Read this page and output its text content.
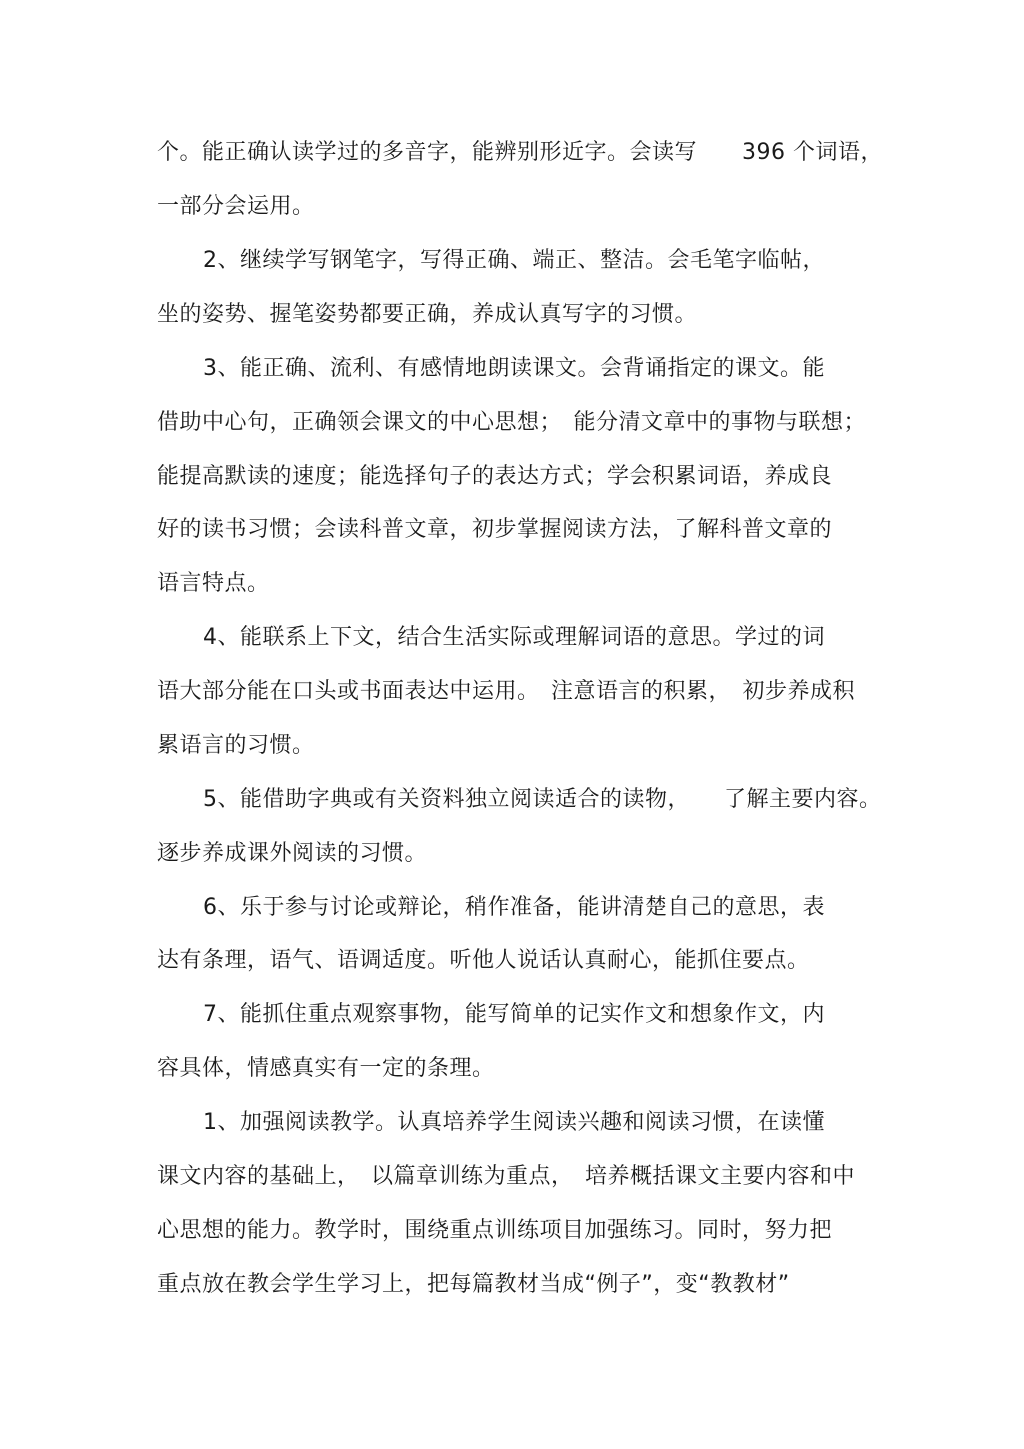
个。能正确认读学过的多音字，能辨别形近字。会读写　　396 个词语，
一部分会运用。
2、继续学写钢笔字，写得正确、端正、整洁。会毛笔字临帖，
坐的姿势、握笔姿势都要正确，养成认真写字的习惯。
3、能正确、流利、有感情地朗读课文。会背诵指定的课文。能
借助中心句，正确领会课文的中心思想；　能分清文章中的事物与联想；
能提高默读的速度；能选择句子的表达方式；学会积累词语，养成良
好的读书习惯；会读科普文章，初步掌握阅读方法，了解科普文章的
语言特点。
4、能联系上下文，结合生活实际或理解词语的意思。学过的词
语大部分能在口头或书面表达中运用。　注意语言的积累，　初步养成积
累语言的习惯。
5、能借助字典或有关资料独立阅读适合的读物，　　了解主要内容。
逐步养成课外阅读的习惯。
6、乐于参与讨论或辩论，稍作准备，能讲清楚自己的意思，表
达有条理，语气、语调适度。听他人说话认真耐心，能抓住要点。
7、能抓住重点观察事物，能写简单的记实作文和想象作文，内
容具体，情感真实有一定的条理。
1、加强阅读教学。认真培养学生阅读兴趣和阅读习惯，在读懂
课文内容的基础上，　以篇章训练为重点，　培养概括课文主要内容和中
心思想的能力。教学时，围绕重点训练项目加强练习。同时，努力把
重点放在教会学生学习上，把每篇教材当成“例子”，变“教教材”
